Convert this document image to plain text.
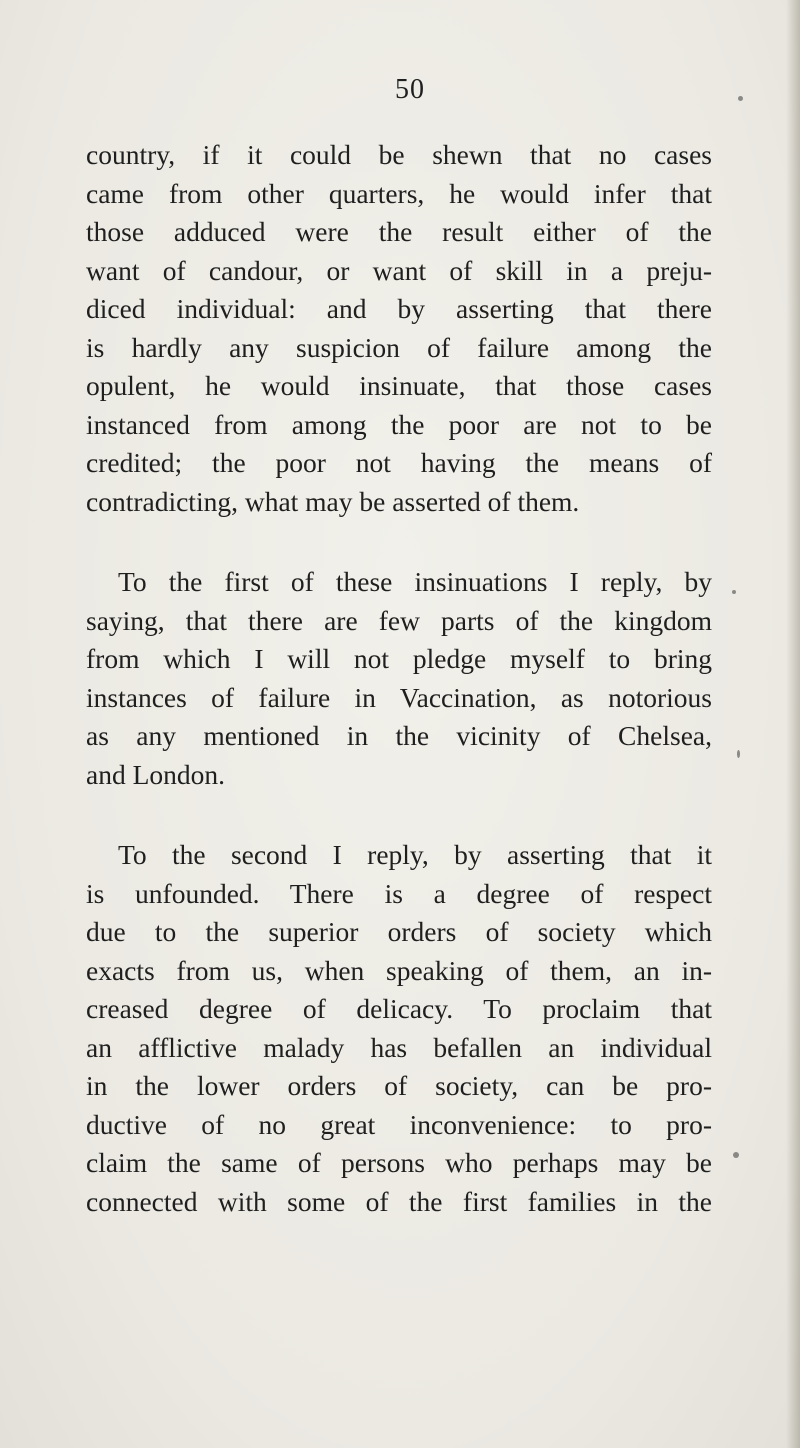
50

country, if it could be shewn that no cases
came from other quarters, he would infer that
those adduced were the result either of the
want of candour, or want of skill in a preju-
diced individual: and by asserting that there
is hardly any suspicion of failure among the
opulent, he would insinuate, that those cases
instanced from among the poor are not to be
credited; the poor not having the means of
contradicting, what may be asserted of them.

To the first of these insinuations I reply, by
saying, that there are few parts of the kingdom
from which I will not pledge myself to bring
instances of failure in Vaccination, as notorious
as any mentioned in the vicinity of Chelsea,
and London.

To the second I reply, by asserting that it
is unfounded. There is a degree of respect
due to the superior orders of society which
exacts from us, when speaking of them, an in-
creased degree of delicacy. To proclaim that
an afflictive malady has befallen an individual
in the lower orders of society, can be pro-
ductive of no great inconvenience: to pro-
claim the same of persons who perhaps may be
connected with some of the first families in the
